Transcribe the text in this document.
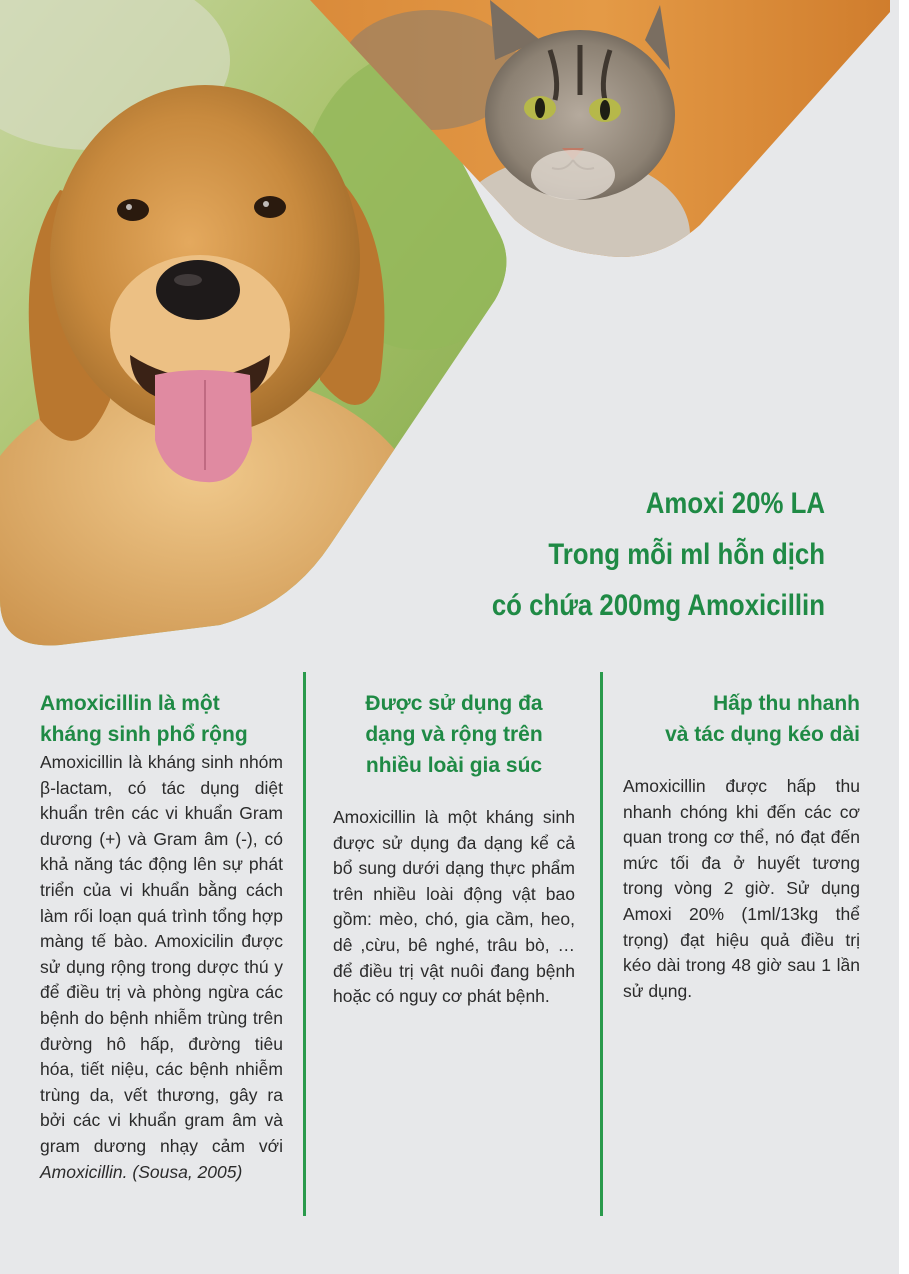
Amoxi 20% LA
Trong mỗi ml hỗn dịch
có chứa 200mg Amoxicillin
Amoxicillin là một
kháng sinh phổ rộng
Amoxicillin là kháng sinh nhóm β-lactam, có tác dụng diệt khuẩn trên các vi khuẩn Gram dương (+) và Gram âm (-), có khả năng tác động lên sự phát triển của vi khuẩn bằng cách làm rối loạn quá trình tổng hợp màng tế bào. Amoxicilin được sử dụng rộng trong dược thú y để điều trị và phòng ngừa các bệnh do bệnh nhiễm trùng trên đường hô hấp, đường tiêu hóa, tiết niệu, các bệnh nhiễm trùng da, vết thương, gây ra bởi các vi khuẩn gram âm và gram dương nhạy cảm với Amoxicillin. (Sousa, 2005)
Được sử dụng đa
dạng và rộng trên
nhiều loài gia súc
Amoxicillin là một kháng sinh được sử dụng đa dạng kể cả bổ sung dưới dạng thực phẩm trên nhiều loài động vật bao gồm: mèo, chó, gia cầm, heo, dê ,cừu, bê nghé, trâu bò, … để điều trị vật nuôi đang bệnh hoặc có nguy cơ phát bệnh.
Hấp thu nhanh
và tác dụng kéo dài
Amoxicillin được hấp thu nhanh chóng khi đến các cơ quan trong cơ thể, nó đạt đến mức tối đa ở huyết tương trong vòng 2 giờ. Sử dụng Amoxi 20% (1ml/13kg thể trọng) đạt hiệu quả điều trị kéo dài trong 48 giờ sau 1 lần sử dụng.
